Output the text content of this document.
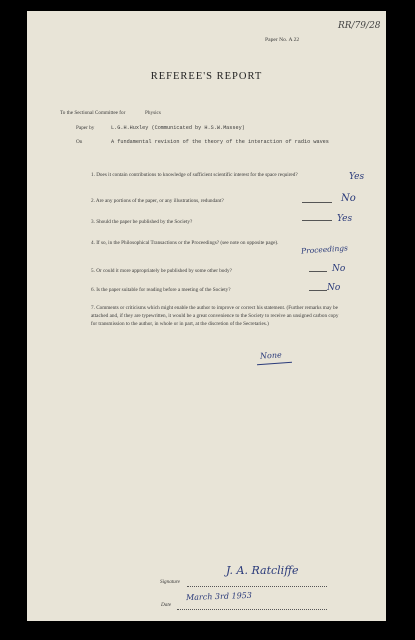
RR/79/28
Paper No. A 22
REFEREE'S REPORT
To the Sectional Committee for	Physics
Paper by	L.G.H.Huxley (Communicated by H.S.W.Massey)
On	A fundamental revision of the theory of the interaction of radio waves
1. Does it contain contributions to knowledge of sufficient scientific interest for the space required?	Yes
2. Are any portions of the paper, or any illustrations, redundant?	No
3. Should the paper be published by the Society?	Yes
4. If so, in the Philosophical Transactions or the Proceedings? (see note on opposite page).
Proceedings
5. Or could it more appropriately be published by some other body?	No
6. Is the paper suitable for reading before a meeting of the Society?	No
7. Comments or criticisms which might enable the author to improve or correct his statement. (Further remarks may be attached and, if they are typewritten, it would be a great convenience to the Society to receive an unsigned carbon copy for transmission to the author, in whole or in part, at the discretion of the Secretaries.)
None
Signature
J. A. Ratcliffe
Date
March 3rd 1953
